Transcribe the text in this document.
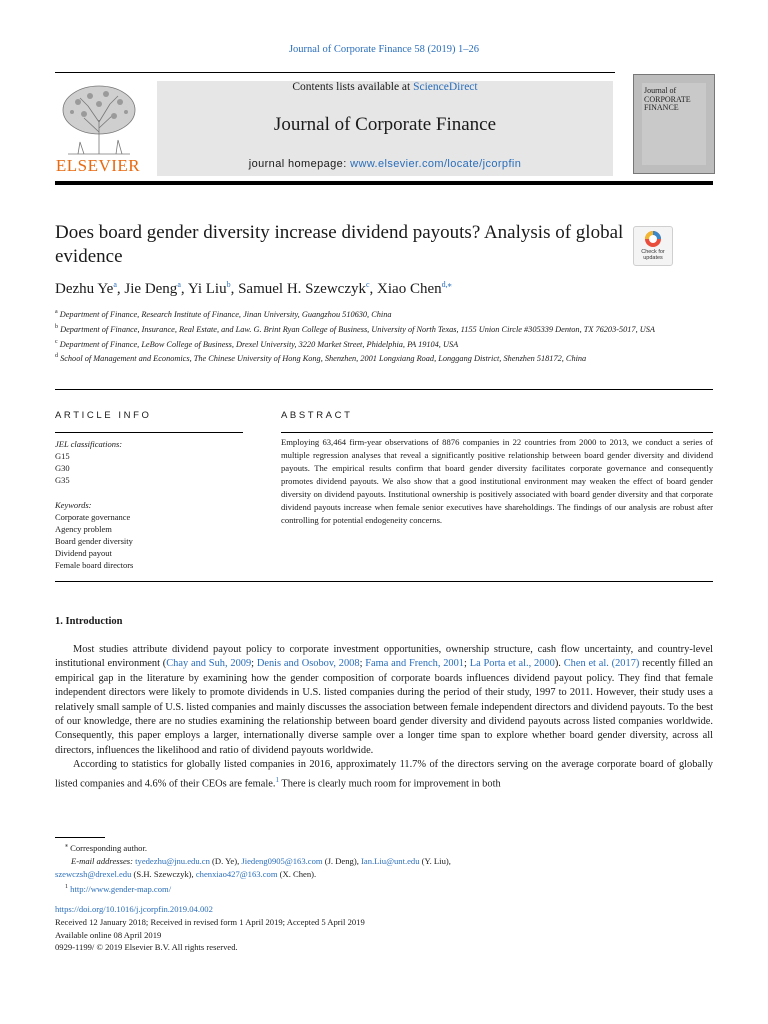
Journal of Corporate Finance 58 (2019) 1–26
ELSEVIER
Contents lists available at ScienceDirect
Journal of Corporate Finance
journal homepage: www.elsevier.com/locate/jcorpfin
Journal of CORPORATE FINANCE
Does board gender diversity increase dividend payouts? Analysis of global evidence	Check for updates
Dezhu Ye$^a$, Jie Deng$^a$, Yi Liu$^b$, Samuel H. Szewczyk$^c$, Xiao Chen$^{d,⁎}$
$^a$ Department of Finance, Research Institute of Finance, Jinan University, Guangzhou 510630, China
$^b$ Department of Finance, Insurance, Real Estate, and Law. G. Brint Ryan College of Business, University of North Texas, 1155 Union Circle #305339 Denton, TX 76203-5017, USA
$^c$ Department of Finance, LeBow College of Business, Drexel University, 3220 Market Street, Phidelphia, PA 19104, USA
$^d$ School of Management and Economics, The Chinese University of Hong Kong, Shenzhen, 2001 Longxiang Road, Longgang District, Shenzhen 518172, China
ARTICLE INFO	ABSTRACT
JEL classifications:
G15
G30
G35
Keywords:
Corporate governance
Agency problem
Board gender diversity
Dividend payout
Female board directors
Employing 63,464 firm-year observations of 8876 companies in 22 countries from 2000 to 2013, we conduct a series of multiple regression analyses that reveal a significantly positive relationship between board gender diversity and dividend payouts. The empirical results confirm that board gender diversity facilitates corporate governance and consequently promotes dividend payouts. We also show that a good institutional environment may weaken the effect of board gender diversity on dividend payouts. Institutional ownership is positively associated with board gender diversity and that corporate dividend payouts increase when female senior executives have shareholdings. The findings of our analysis are robust after controlling for potential endogeneity concerns.
1. Introduction

Most studies attribute dividend payout policy to corporate investment opportunities, ownership structure, cash flow uncertainty, and country-level institutional environment (Chay and Suh, 2009; Denis and Osobov, 2008; Fama and French, 2001; La Porta et al., 2000). Chen et al. (2017) recently filled an empirical gap in the literature by examining how the gender composition of corporate boards influences dividend payout policy. They find that female independent directors were likely to promote dividends in U.S. listed companies during the period of their study, 1997 to 2011. However, their study uses a relatively small sample of U.S. listed companies and mainly discusses the association between female independent directors and dividend payouts. To the best of our knowledge, there are no studies examining the relationship between board gender diversity and dividend payouts across listed companies worldwide. Consequently, this paper employs a larger, internationally diverse sample over a longer time span to explore whether board gender diversity, across all directors, influences the likelihood and ratio of dividend payouts worldwide.

According to statistics for globally listed companies in 2016, approximately 11.7% of the directors serving on the average corporate board of globally listed companies and 4.6% of their CEOs are female.$^1$ There is clearly much room for improvement in both

⁎ Corresponding author.
E-mail addresses: tyedezhu@jnu.edu.cn (D. Ye), Jiedeng0905@163.com (J. Deng), Ian.Liu@unt.edu (Y. Liu),
szewczsh@drexel.edu (S.H. Szewczyk), chenxiao427@163.com (X. Chen).
$^1$ http://www.gender-map.com/
https://doi.org/10.1016/j.jcorpfin.2019.04.002
Received 12 January 2018; Received in revised form 1 April 2019; Accepted 5 April 2019
Available online 08 April 2019
0929-1199/ © 2019 Elsevier B.V. All rights reserved.
